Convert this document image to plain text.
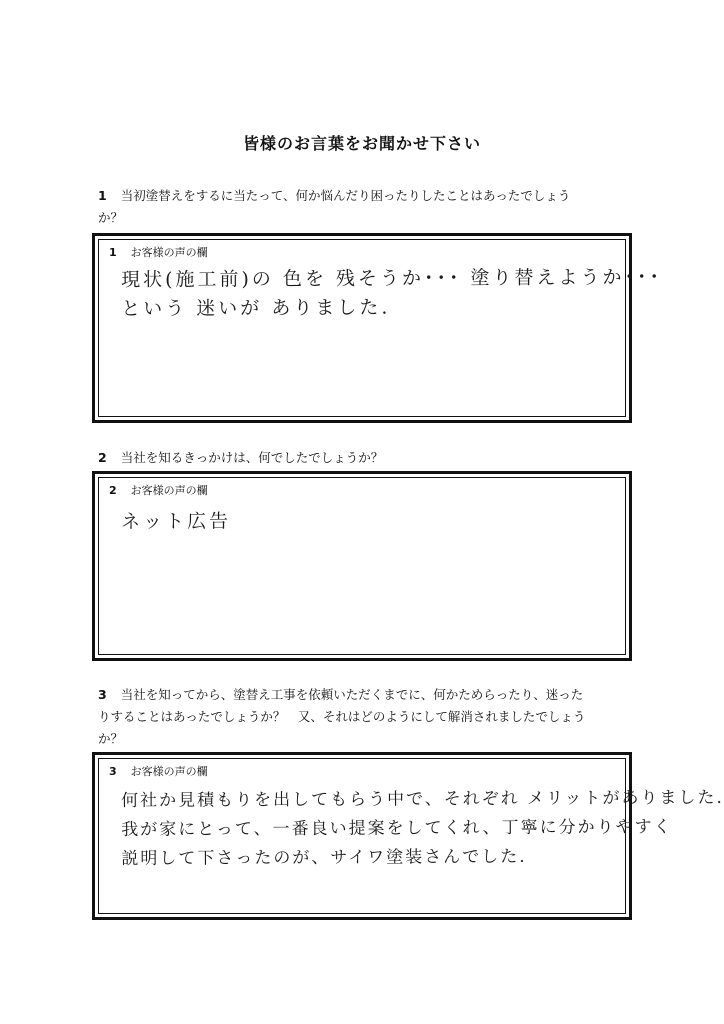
皆様のお言葉をお聞かせ下さい
1 当初塗替えをするに当たって、何か悩んだり困ったりしたことはあったでしょう
か？
1 お客様の声の欄
現状(施工前)の 色を 残そうか･･･ 塗り替えようか･･･
という 迷いが ありました.
2 当社を知るきっかけは、何でしたでしょうか？
2 お客様の声の欄
ネット広告
3 当社を知ってから、塗替え工事を依頼いただくまでに、何かためらったり、迷った
りすることはあったでしょうか？　又、それはどのようにして解消されましたでしょう
か？
3 お客様の声の欄
何社か見積もりを出してもらう中で、それぞれ メリットがありました.
我が家にとって、一番良い提案をしてくれ、丁寧に分かりやすく
説明して下さったのが、サイワ塗装さんでした.
